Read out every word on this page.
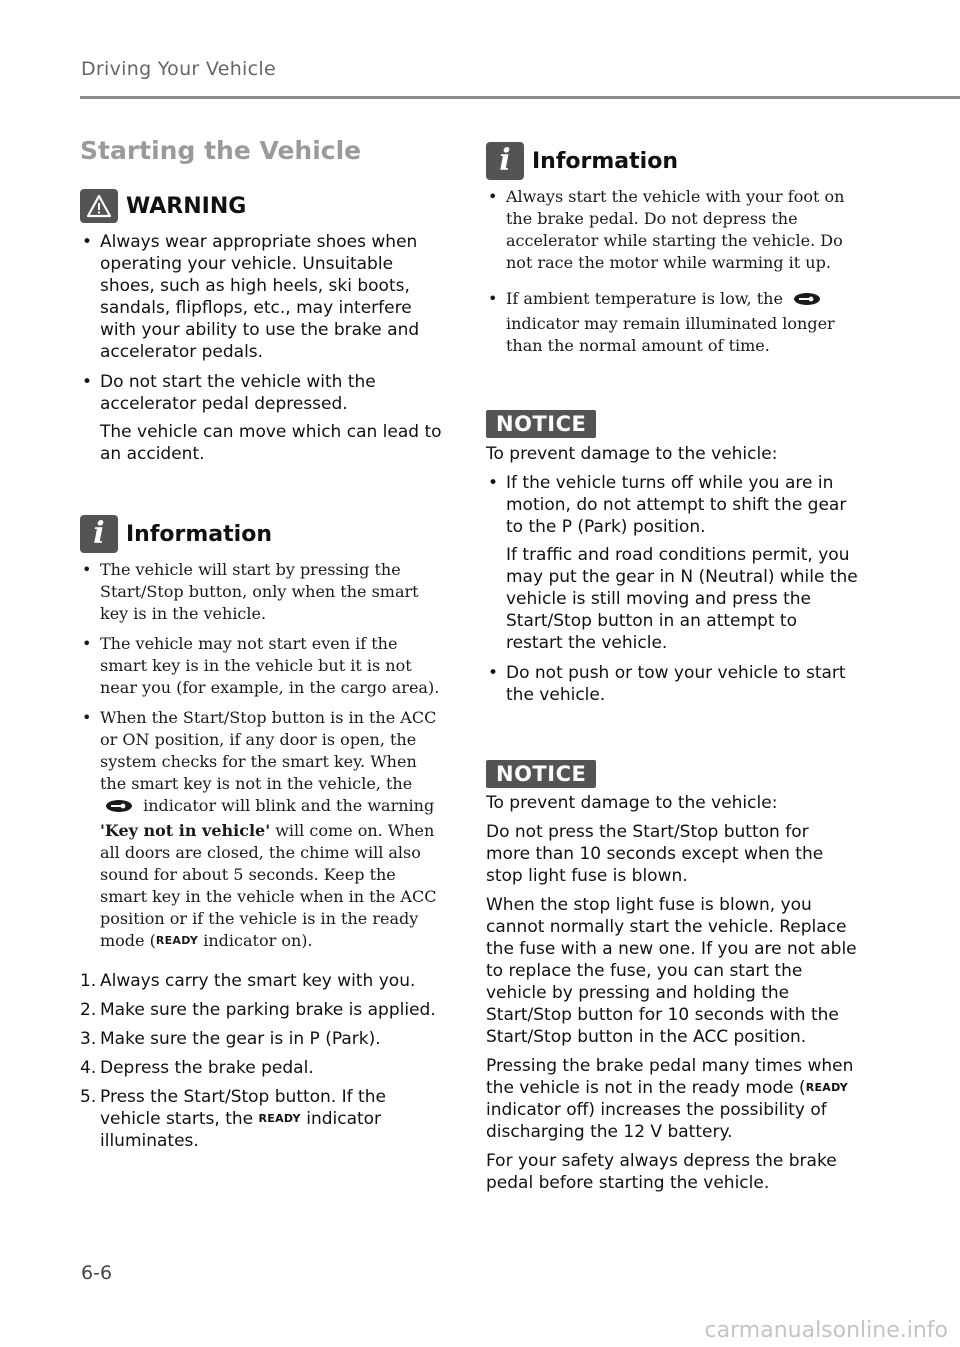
Driving Your Vehicle
Starting the Vehicle
WARNING
• Always wear appropriate shoes when operating your vehicle. Unsuitable shoes, such as high heels, ski boots, sandals, flipflops, etc., may interfere with your ability to use the brake and accelerator pedals.
• Do not start the vehicle with the accelerator pedal depressed.
The vehicle can move which can lead to an accident.
i Information
• The vehicle will start by pressing the Start/Stop button, only when the smart key is in the vehicle.
• The vehicle may not start even if the smart key is in the vehicle but it is not near you (for example, in the cargo area).
• When the Start/Stop button is in the ACC or ON position, if any door is open, the system checks for the smart key. When the smart key is not in the vehicle, the  indicator will blink and the warning 'Key not in vehicle' will come on. When all doors are closed, the chime will also sound for about 5 seconds. Keep the smart key in the vehicle when in the ACC position or if the vehicle is in the ready mode (READY indicator on).
1. Always carry the smart key with you.
2. Make sure the parking brake is applied.
3. Make sure the gear is in P (Park).
4. Depress the brake pedal.
5. Press the Start/Stop button. If the vehicle starts, the READY indicator illuminates.
i Information
• Always start the vehicle with your foot on the brake pedal. Do not depress the accelerator while starting the vehicle. Do not race the motor while warming it up.
• If ambient temperature is low, the  indicator may remain illuminated longer than the normal amount of time.
NOTICE

To prevent damage to the vehicle:

• If the vehicle turns off while you are in motion, do not attempt to shift the gear to the P (Park) position.
If traffic and road conditions permit, you may put the gear in N (Neutral) while the vehicle is still moving and press the Start/Stop button in an attempt to restart the vehicle.
• Do not push or tow your vehicle to start the vehicle.
NOTICE

To prevent damage to the vehicle:

Do not press the Start/Stop button for more than 10 seconds except when the stop light fuse is blown.

When the stop light fuse is blown, you cannot normally start the vehicle. Replace the fuse with a new one. If you are not able to replace the fuse, you can start the vehicle by pressing and holding the Start/Stop button for 10 seconds with the Start/Stop button in the ACC position.

Pressing the brake pedal many times when the vehicle is not in the ready mode (READY indicator off) increases the possibility of discharging the 12 V battery.

For your safety always depress the brake pedal before starting the vehicle.

6-6
carmanualsonline.info
